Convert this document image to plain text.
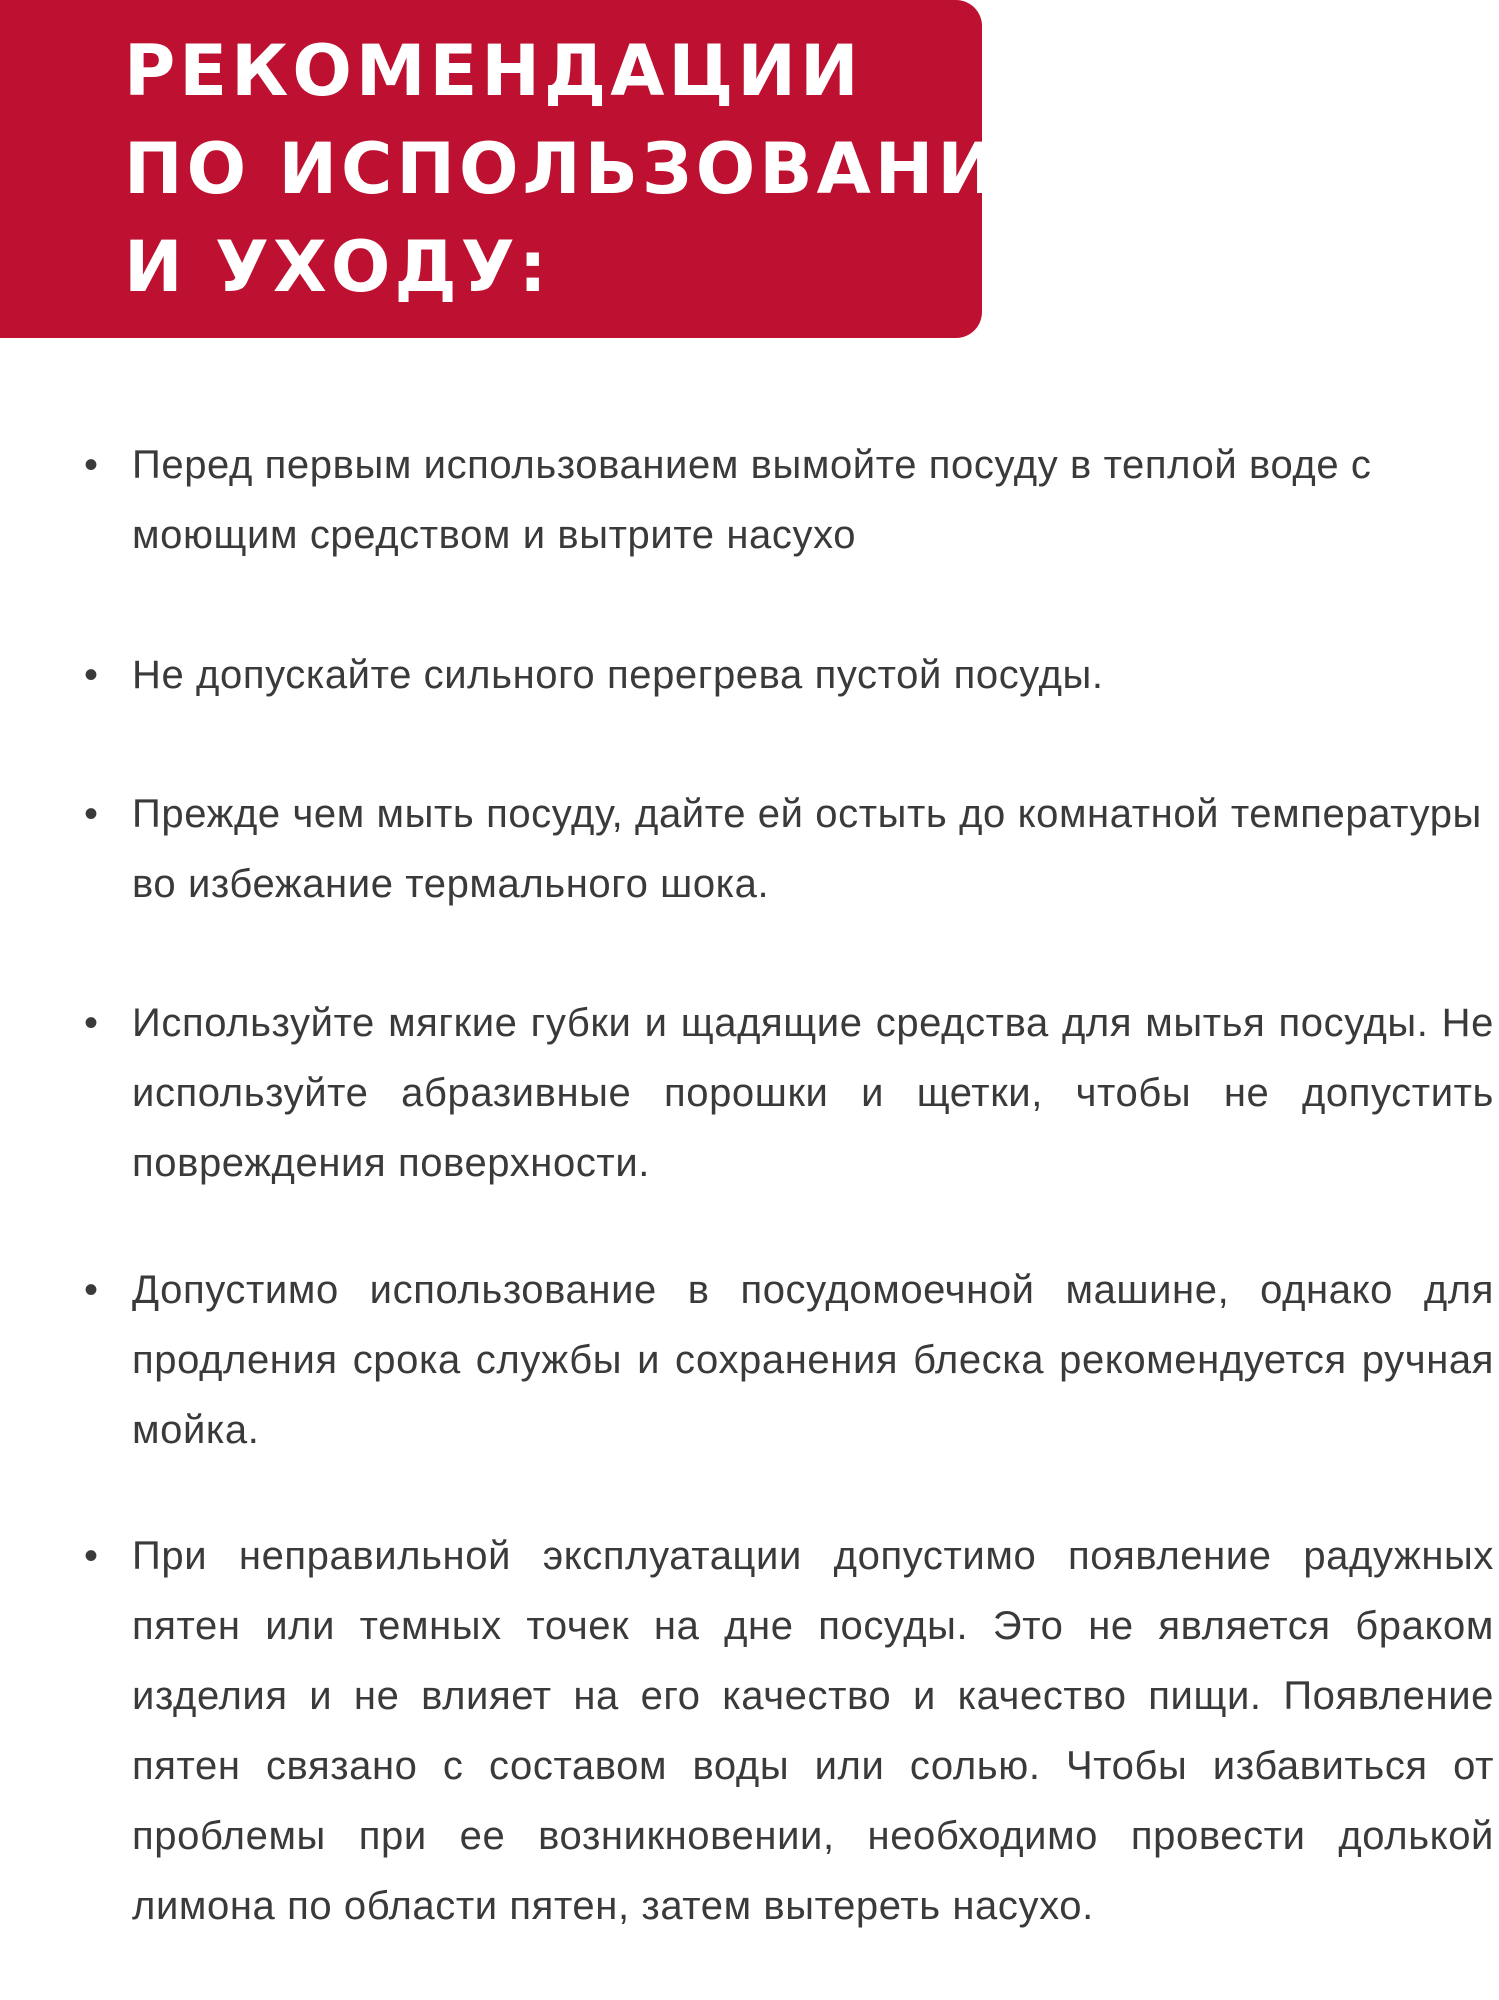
РЕКОМЕНДАЦИИ
ПО ИСПОЛЬЗОВАНИЮ
И УХОДУ:
• Перед первым использованием вымойте посуду в теплой воде с моющим средством и вытрите насухо
• Не допускайте сильного перегрева пустой посуды.
• Прежде чем мыть посуду, дайте ей остыть до комнатной температуры во избежание термального шока.
• Используйте мягкие губки и щадящие средства для мытья посуды. Не используйте абразивные порошки и щетки, чтобы не допустить повреждения поверхности.
• Допустимо использование в посудомоечной машине, однако для продления срока службы и сохранения блеска рекомендуется ручная мойка.
• При неправильной эксплуатации допустимо появление радужных пятен или темных точек на дне посуды. Это не является браком изделия и не влияет на его качество и качество пищи. Появление пятен связано с составом воды или солью. Чтобы избавиться от проблемы при ее возникновении, необходимо провести долькой лимона по области пятен, затем вытереть насухо.
